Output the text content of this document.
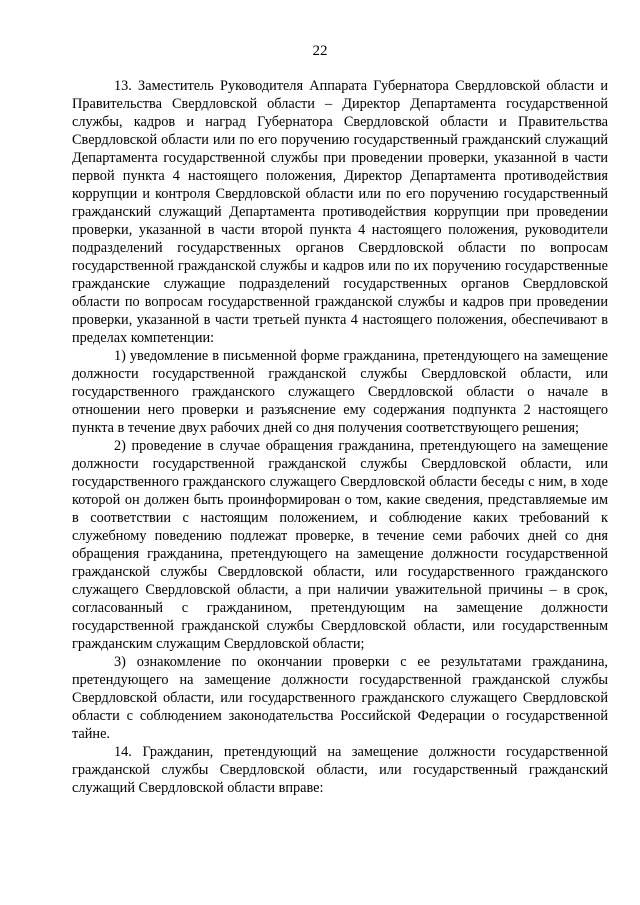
22

13. Заместитель Руководителя Аппарата Губернатора Свердловской области и Правительства Свердловской области – Директор Департамента государственной службы, кадров и наград Губернатора Свердловской области и Правительства Свердловской области или по его поручению государственный гражданский служащий Департамента государственной службы при проведении проверки, указанной в части первой пункта 4 настоящего положения, Директор Департамента противодействия коррупции и контроля Свердловской области или по его поручению государственный гражданский служащий Департамента противодействия коррупции при проведении проверки, указанной в части второй пункта 4 настоящего положения, руководители подразделений государственных органов Свердловской области по вопросам государственной гражданской службы и кадров или по их поручению государственные гражданские служащие подразделений государственных органов Свердловской области по вопросам государственной гражданской службы и кадров при проведении проверки, указанной в части третьей пункта 4 настоящего положения, обеспечивают в пределах компетенции:

1) уведомление в письменной форме гражданина, претендующего на замещение должности государственной гражданской службы Свердловской области, или государственного гражданского служащего Свердловской области о начале в отношении него проверки и разъяснение ему содержания подпункта 2 настоящего пункта в течение двух рабочих дней со дня получения соответствующего решения;

2) проведение в случае обращения гражданина, претендующего на замещение должности государственной гражданской службы Свердловской области, или государственного гражданского служащего Свердловской области беседы с ним, в ходе которой он должен быть проинформирован о том, какие сведения, представляемые им в соответствии с настоящим положением, и соблюдение каких требований к служебному поведению подлежат проверке, в течение семи рабочих дней со дня обращения гражданина, претендующего на замещение должности государственной гражданской службы Свердловской области, или государственного гражданского служащего Свердловской области, а при наличии уважительной причины – в срок, согласованный с гражданином, претендующим на замещение должности государственной гражданской службы Свердловской области, или государственным гражданским служащим Свердловской области;

3) ознакомление по окончании проверки с ее результатами гражданина, претендующего на замещение должности государственной гражданской службы Свердловской области, или государственного гражданского служащего Свердловской области с соблюдением законодательства Российской Федерации о государственной тайне.

14. Гражданин, претендующий на замещение должности государственной гражданской службы Свердловской области, или государственный гражданский служащий Свердловской области вправе:
